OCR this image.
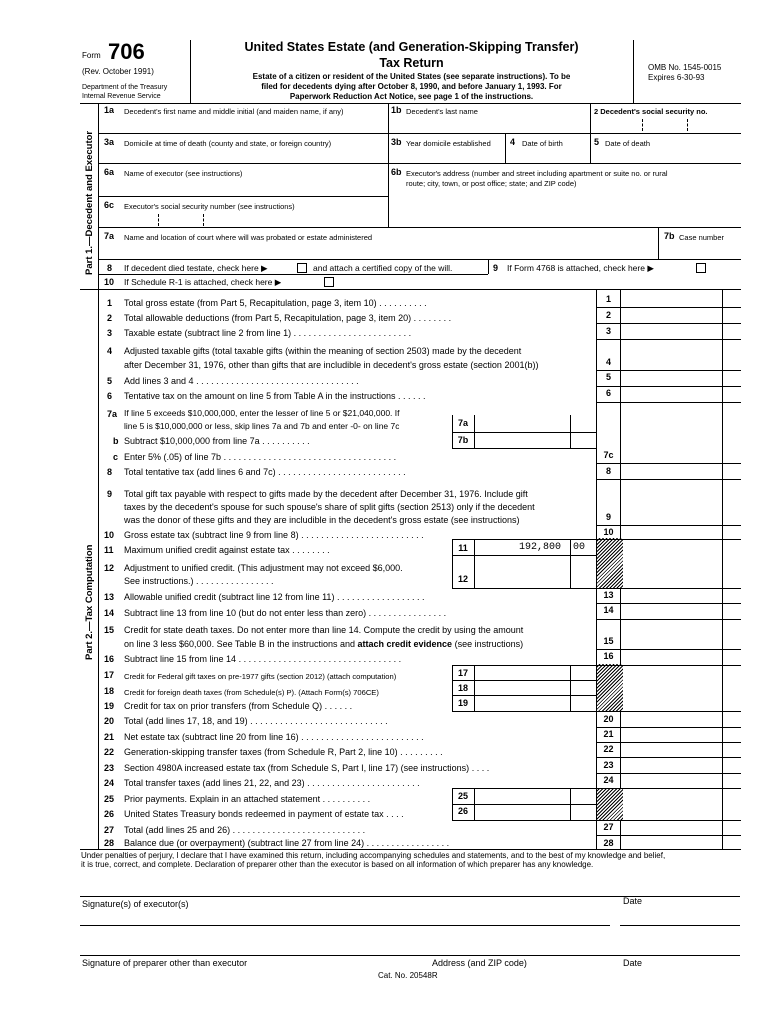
Form 706
(Rev. October 1991)
Department of the Treasury
Internal Revenue Service
United States Estate (and Generation-Skipping Transfer)
Tax Return
Estate of a citizen or resident of the United States (see separate instructions). To be
filed for decedents dying after October 8, 1990, and before January 1, 1993. For
Paperwork Reduction Act Notice, see page 1 of the instructions.
OMB No. 1545-0015
Expires 6-30-93
Part 1.—Decedent and Executor
1a Decedent's first name and middle initial (and maiden name, if any)	1b Decedent's last name	2 Decedent's social security no.
3a Domicile at time of death (county and state, or foreign country)	3b Year domicile established 4 Date of birth	5 Date of death
6a Name of executor (see instructions)	6b Executor's address (number and street including apartment or suite no. or rural
route; city, town, or post office; state; and ZIP code)
6c Executor's social security number (see instructions)
7a Name and location of court where will was probated or estate administered	7b Case number
8 If decedent died testate, check here ▶	and attach a certified copy of the will.	9 If Form 4768 is attached, check here ▶
10 If Schedule R-1 is attached, check here ▶
Part 2.—Tax Computation
1 Total gross estate (from Part 5, Recapitulation, page 3, item 10) . . . . . . . . . .	1
2 Total allowable deductions (from Part 5, Recapitulation, page 3, item 20) . . . . . . . .	2
3 Taxable estate (subtract line 2 from line 1) . . . . . . . . . . . . . . . . . . . . . . . .	3
4 Adjusted taxable gifts (total taxable gifts (within the meaning of section 2503) made by the decedent
after December 31, 1976, other than gifts that are includible in decedent's gross estate (section 2001(b))	4
5 Add lines 3 and 4 . . . . . . . . . . . . . . . . . . . . . . . . . . . . . . . . .	5
6 Tentative tax on the amount on line 5 from Table A in the instructions . . . . . .	6
7a If line 5 exceeds $10,000,000, enter the lesser of line 5 or $21,040,000. If
line 5 is $10,000,000 or less, skip lines 7a and 7b and enter -0- on line 7c	7a
b Subtract $10,000,000 from line 7a . . . . . . . . . .	7b
c Enter 5% (.05) of line 7b . . . . . . . . . . . . . . . . . . . . . . . . . . . . . . . . . . .	7c
8 Total tentative tax (add lines 6 and 7c) . . . . . . . . . . . . . . . . . . . . . . . . . .	8
9 Total gift tax payable with respect to gifts made by the decedent after December 31, 1976. Include gift
taxes by the decedent's spouse for such spouse's share of split gifts (section 2513) only if the decedent
was the donor of these gifts and they are includible in the decedent's gross estate (see instructions)	9
10 Gross estate tax (subtract line 9 from line 8) . . . . . . . . . . . . . . . . . . . . . . . . .	10
11 Maximum unified credit against estate tax . . . . . . . .	11	192,800 00
12 Adjustment to unified credit. (This adjustment may not exceed $6,000.
See instructions.) . . . . . . . . . . . . . . . .	12
13 Allowable unified credit (subtract line 12 from line 11) . . . . . . . . . . . . . . . . . .	13
14 Subtract line 13 from line 10 (but do not enter less than zero) . . . . . . . . . . . . . . . .	14
15 Credit for state death taxes. Do not enter more than line 14. Compute the credit by using the amount
on line 3 less $60,000. See Table B in the instructions and attach credit evidence (see instructions)	15
16 Subtract line 15 from line 14 . . . . . . . . . . . . . . . . . . . . . . . . . . . . . . . . .	16
17 Credit for Federal gift taxes on pre-1977 gifts (section 2012) (attach computation)	17
18 Credit for foreign death taxes (from Schedule(s) P). (Attach Form(s) 706CE)	18
19 Credit for tax on prior transfers (from Schedule Q) . . . . . .	19
20 Total (add lines 17, 18, and 19) . . . . . . . . . . . . . . . . . . . . . . . . . . . .	20
21 Net estate tax (subtract line 20 from line 16) . . . . . . . . . . . . . . . . . . . . . . . . .	21
22 Generation-skipping transfer taxes (from Schedule R, Part 2, line 10) . . . . . . . . .	22
23 Section 4980A increased estate tax (from Schedule S, Part I, line 17) (see instructions) . . . .	23
24 Total transfer taxes (add lines 21, 22, and 23) . . . . . . . . . . . . . . . . . . . . . . .	24
25 Prior payments. Explain in an attached statement . . . . . . . . . .	25
26 United States Treasury bonds redeemed in payment of estate tax . . . .	26
27 Total (add lines 25 and 26) . . . . . . . . . . . . . . . . . . . . . . . . . . .	27
28 Balance due (or overpayment) (subtract line 27 from line 24) . . . . . . . . . . . . . . . . .	28
Under penalties of perjury, I declare that I have examined this return, including accompanying schedules and statements, and to the best of my knowledge and belief,
it is true, correct, and complete. Declaration of preparer other than the executor is based on all information of which preparer has any knowledge.
Signature(s) of executor(s)	Date
Signature of preparer other than executor	Address (and ZIP code)	Date
Cat. No. 20548R
